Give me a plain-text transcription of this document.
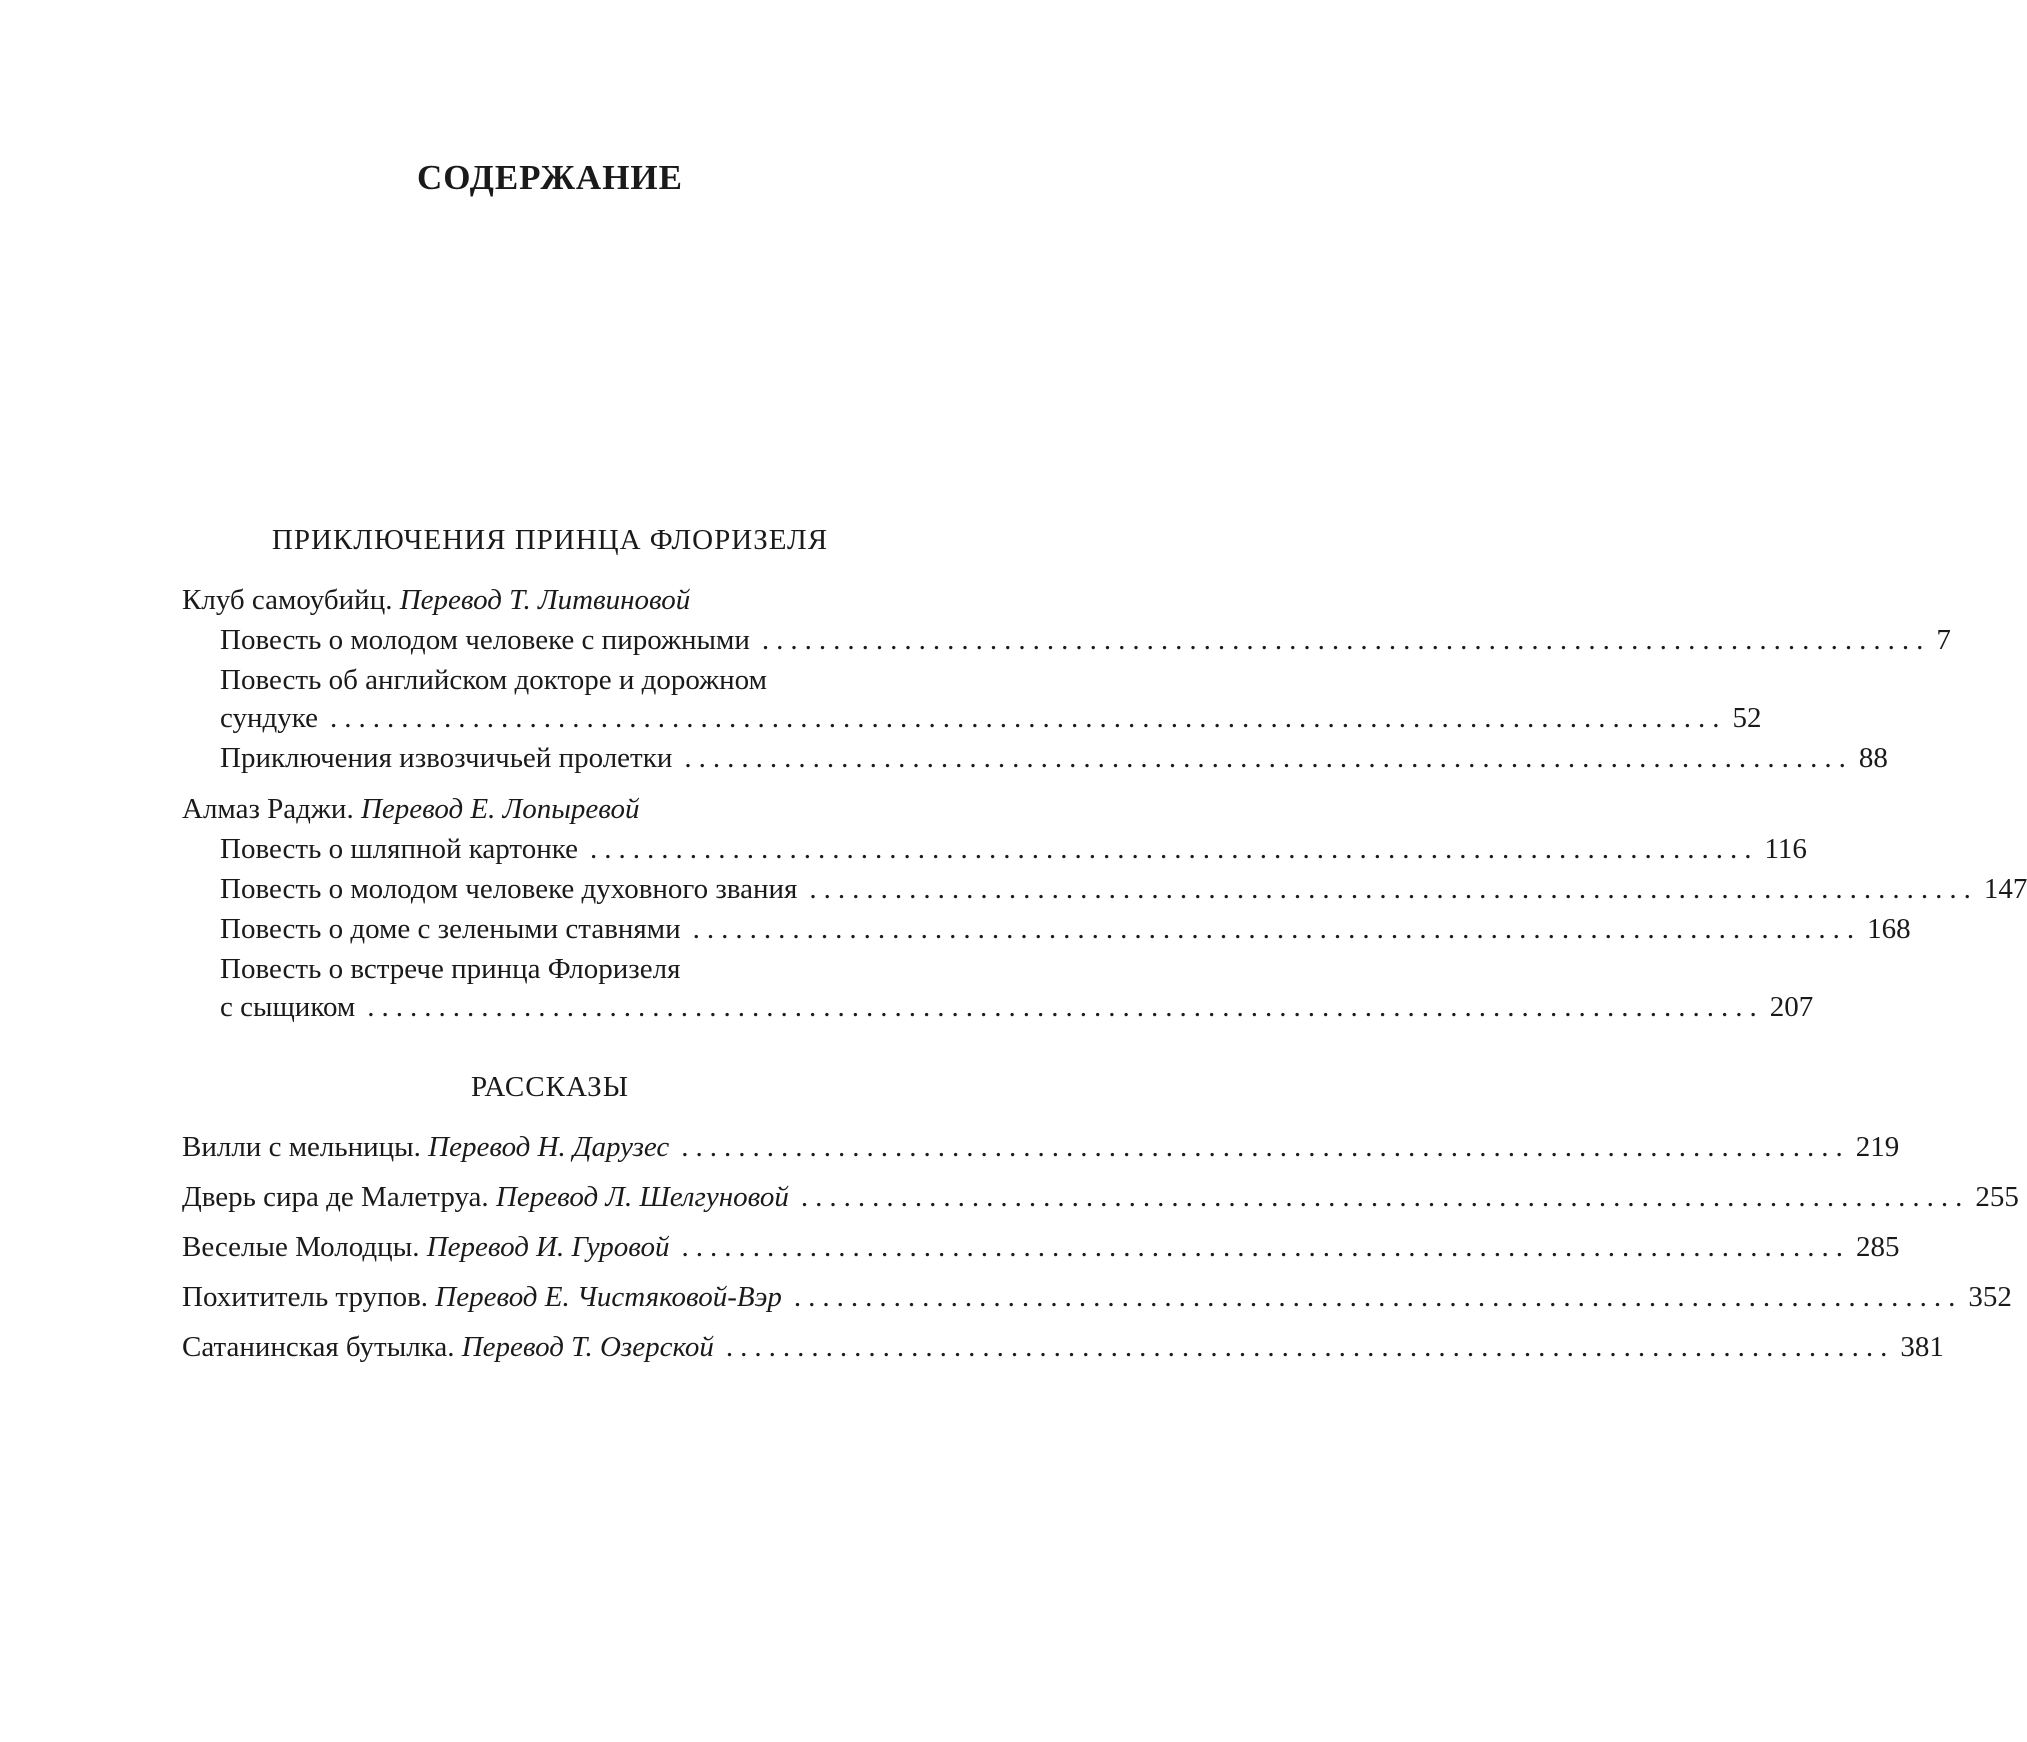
СОДЕРЖАНИЕ
ПРИКЛЮЧЕНИЯ ПРИНЦА ФЛОРИЗЕЛЯ
Клуб самоубийц. Перевод Т. Литвиновой
Повесть о молодом человеке с пирожными .................................................................................. 7
Повесть об английском докторе и дорожном
сундуке .................................................................................................. 52
Приключения извозчичьей пролетки .................................................................................. 88
Алмаз Раджи. Перевод Е. Лопыревой
Повесть о шляпной картонке .................................................................................. 116
Повесть о молодом человеке духовного звания .................................................................................. 147
Повесть о доме с зелеными ставнями .................................................................................. 168
Повесть о встрече принца Флоризеля
с сыщиком .................................................................................................. 207
РАССКАЗЫ
Вилли с мельницы.
Перевод Н. Дарузес .................................................................................. 219
Дверь сира де Малетруа.
Перевод Л. Шелгуновой .................................................................................. 255
Веселые Молодцы.
Перевод И. Гуровой .................................................................................. 285
Похититель трупов.
Перевод Е. Чистяковой-Вэр .................................................................................. 352
Сатанинская бутылка.
Перевод Т. Озерской .................................................................................. 381
